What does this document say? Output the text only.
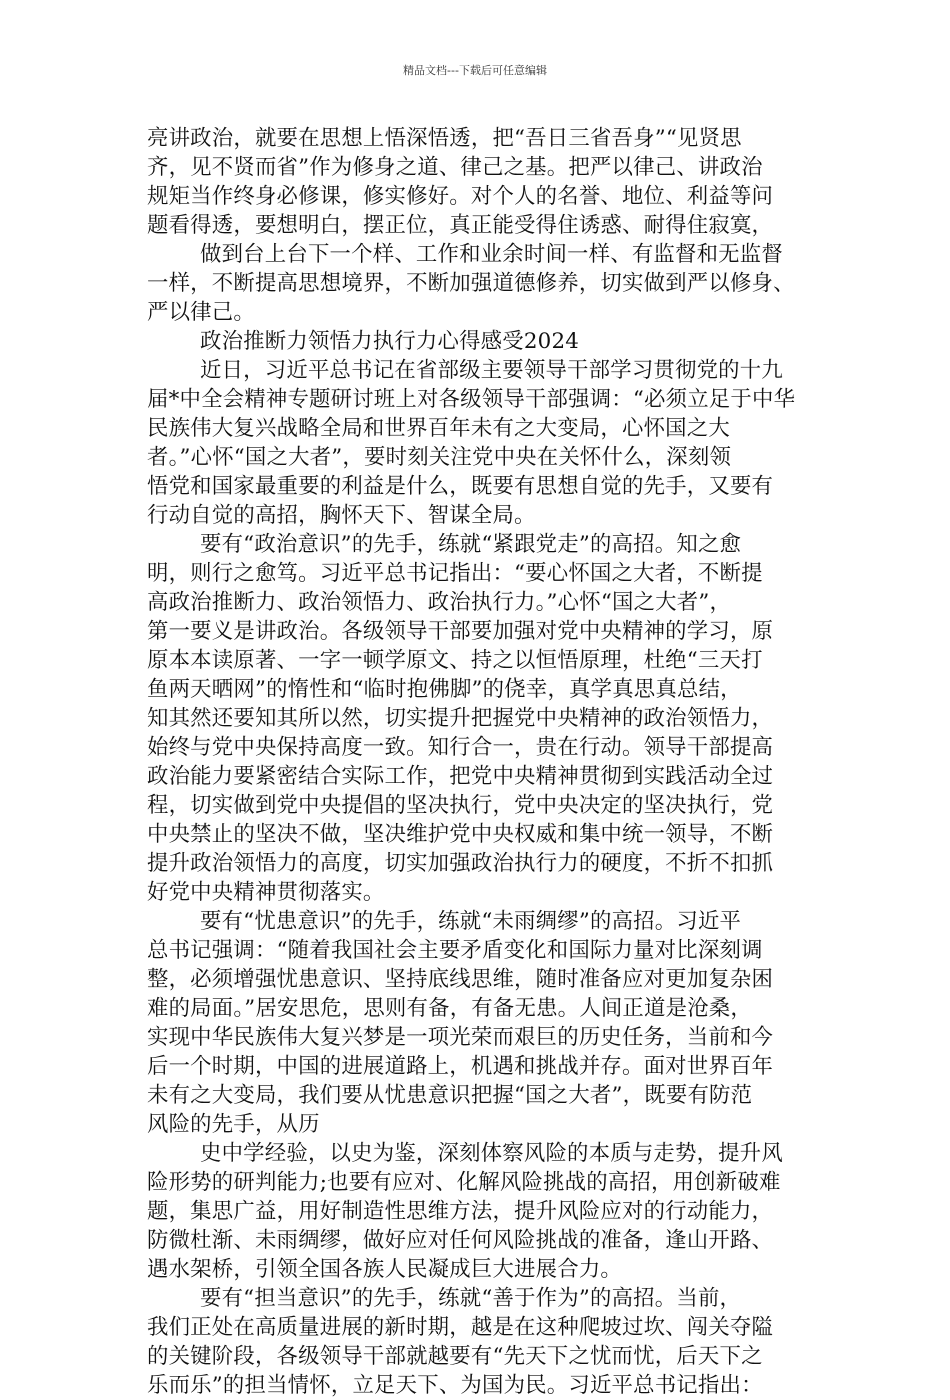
精品文档---下载后可任意编辑
亮讲政治，就要在思想上悟深悟透，把“吾日三省吾身”“见贤思
齐，见不贤而省”作为修身之道、律己之基。把严以律己、讲政治
规矩当作终身必修课，修实修好。对个人的名誉、地位、利益等问
题看得透，要想明白，摆正位，真正能受得住诱惑、耐得住寂寞，
做到台上台下一个样、工作和业余时间一样、有监督和无监督
一样，不断提高思想境界，不断加强道德修养，切实做到严以修身、
严以律己。
政治推断力领悟力执行力心得感受2024
近日，习近平总书记在省部级主要领导干部学习贯彻党的十九
届*中全会精神专题研讨班上对各级领导干部强调：“必须立足于中华
民族伟大复兴战略全局和世界百年未有之大变局，心怀国之大
者。”心怀“国之大者”，要时刻关注党中央在关怀什么，深刻领
悟党和国家最重要的利益是什么，既要有思想自觉的先手，又要有
行动自觉的高招，胸怀天下、智谋全局。
要有“政治意识”的先手，练就“紧跟党走”的高招。知之愈
明，则行之愈笃。习近平总书记指出：“要心怀国之大者，不断提
高政治推断力、政治领悟力、政治执行力。”心怀“国之大者”，
第一要义是讲政治。各级领导干部要加强对党中央精神的学习，原
原本本读原著、一字一顿学原文、持之以恒悟原理，杜绝“三天打
鱼两天晒网”的惰性和“临时抱佛脚”的侥幸，真学真思真总结，
知其然还要知其所以然，切实提升把握党中央精神的政治领悟力，
始终与党中央保持高度一致。知行合一，贵在行动。领导干部提高
政治能力要紧密结合实际工作，把党中央精神贯彻到实践活动全过
程，切实做到党中央提倡的坚决执行，党中央决定的坚决执行，党
中央禁止的坚决不做，坚决维护党中央权威和集中统一领导，不断
提升政治领悟力的高度，切实加强政治执行力的硬度，不折不扣抓
好党中央精神贯彻落实。
要有“忧患意识”的先手，练就“未雨绸缪”的高招。习近平
总书记强调：“随着我国社会主要矛盾变化和国际力量对比深刻调
整，必须增强忧患意识、坚持底线思维，随时准备应对更加复杂困
难的局面。”居安思危，思则有备，有备无患。人间正道是沧桑，
实现中华民族伟大复兴梦是一项光荣而艰巨的历史任务，当前和今
后一个时期，中国的进展道路上，机遇和挑战并存。面对世界百年
未有之大变局，我们要从忧患意识把握“国之大者”，既要有防范
风险的先手，从历
史中学经验，以史为鉴，深刻体察风险的本质与走势，提升风
险形势的研判能力;也要有应对、化解风险挑战的高招，用创新破难
题，集思广益，用好制造性思维方法，提升风险应对的行动能力，
防微杜渐、未雨绸缪，做好应对任何风险挑战的准备，逢山开路、
遇水架桥，引领全国各族人民凝成巨大进展合力。
要有“担当意识”的先手，练就“善于作为”的高招。当前，
我们正处在高质量进展的新时期，越是在这种爬坡过坎、闯关夺隘
的关键阶段，各级领导干部就越要有“先天下之忧而忧，后天下之
乐而乐”的担当情怀，立足天下、为国为民。习近平总书记指出：
